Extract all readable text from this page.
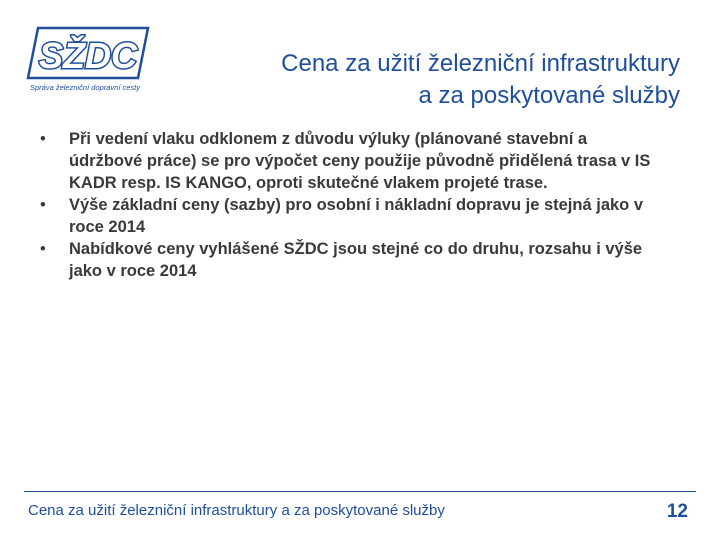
SŽDC
Správa železniční dopravní cesty
Cena za užití železniční infrastruktury
a za poskytované služby
• Při vedení vlaku odklonem z důvodu výluky (plánované stavební a údržbové práce) se pro výpočet ceny použije původně přidělená trasa v IS KADR resp. IS KANGO, oproti skutečné vlakem projeté trase.
• Výše základní ceny (sazby) pro osobní i nákladní dopravu je stejná jako v roce 2014
• Nabídkové ceny vyhlášené SŽDC jsou stejné co do druhu, rozsahu i výše jako v roce 2014
Cena za užití železniční infrastruktury a za poskytované služby	12
